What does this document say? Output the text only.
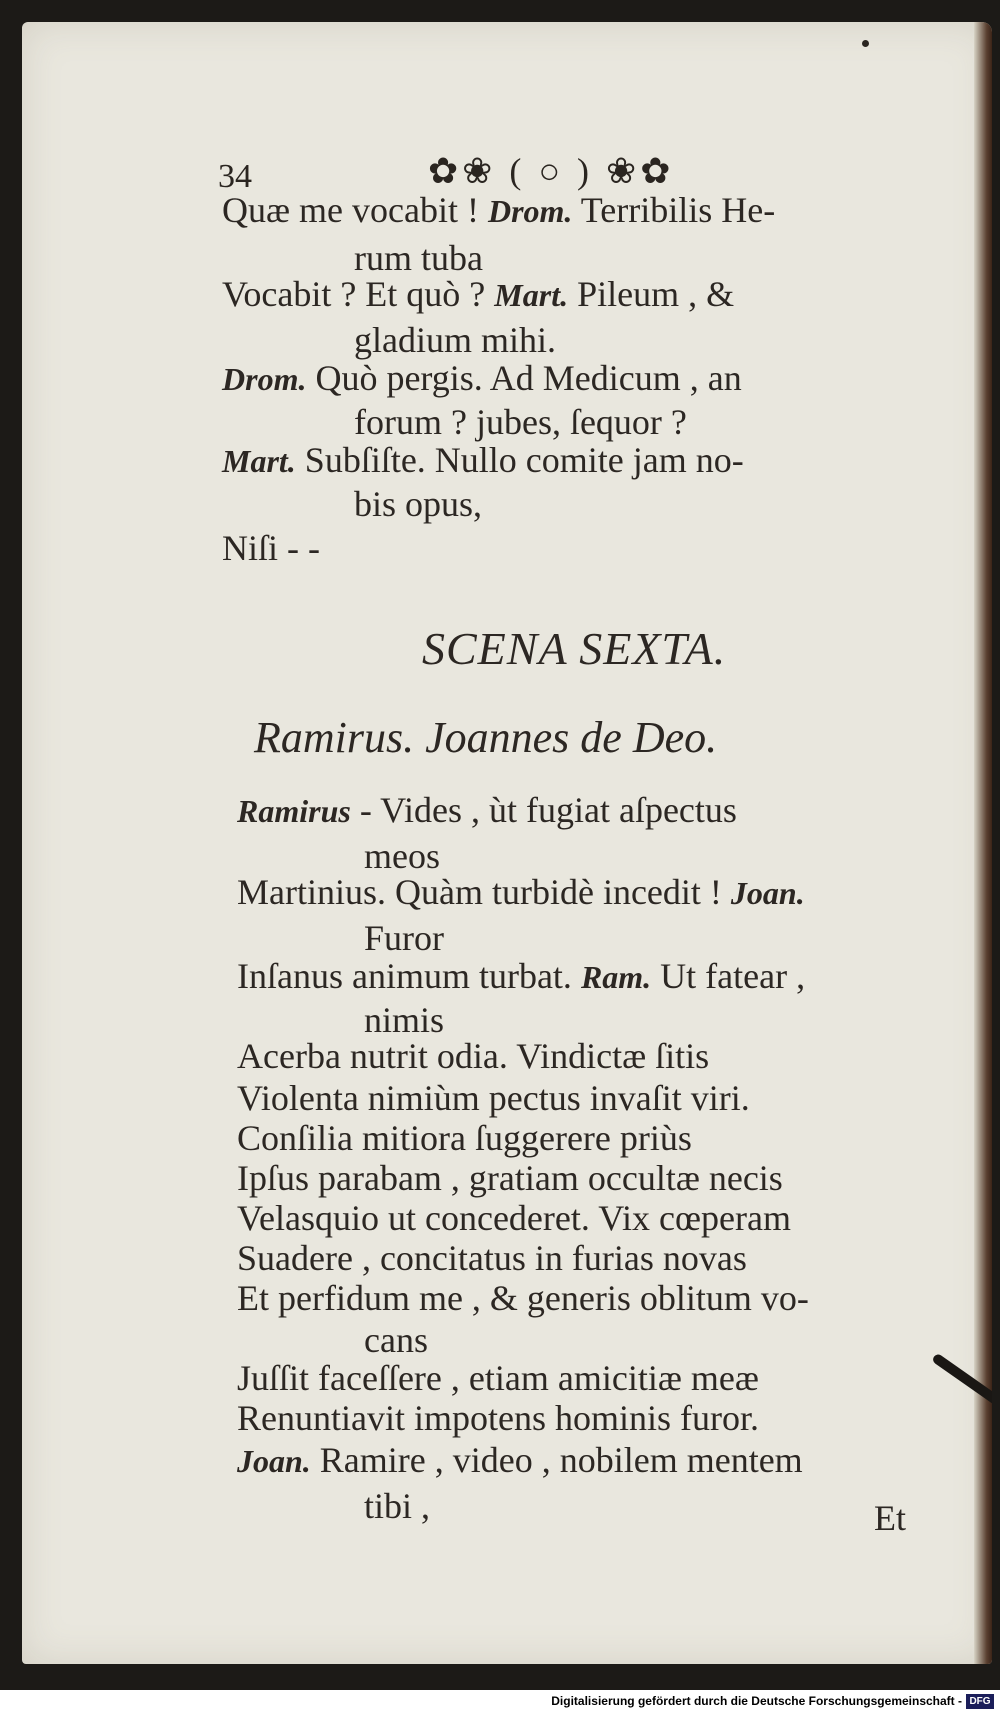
34	✿❀ ( ○ ) ❀✿
Quæ me vocabit ! Drom. Terribilis He-
rum tuba
Vocabit ? Et quò ? Mart. Pileum , &
gladium mihi.
Drom. Quò pergis. Ad Medicum , an
forum ? jubes, ſequor ?
Mart. Subſiſte. Nullo comite jam no-
bis opus,
Niſi - -
SCENA SEXTA.
Ramirus. Joannes de Deo.
Ramirus - Vides , ùt fugiat aſpectus
meos
Martinius. Quàm turbidè incedit ! Joan.
Furor
Inſanus animum turbat. Ram. Ut fatear ,
nimis
Acerba nutrit odia. Vindictæ ſitis
Violenta nimiùm pectus invaſit viri.
Conſilia mitiora ſuggerere priùs
Ipſus parabam , gratiam occultæ necis
Velasquio ut concederet. Vix cœperam
Suadere , concitatus in furias novas
Et perfidum me , & generis oblitum vo-
cans
Juſſit faceſſere , etiam amicitiæ meæ
Renuntiavit impotens hominis furor.
Joan. Ramire , video , nobilem mentem
tibi ,	Et
Digitalisierung gefördert durch die Deutsche Forschungsgemeinschaft - DFG
